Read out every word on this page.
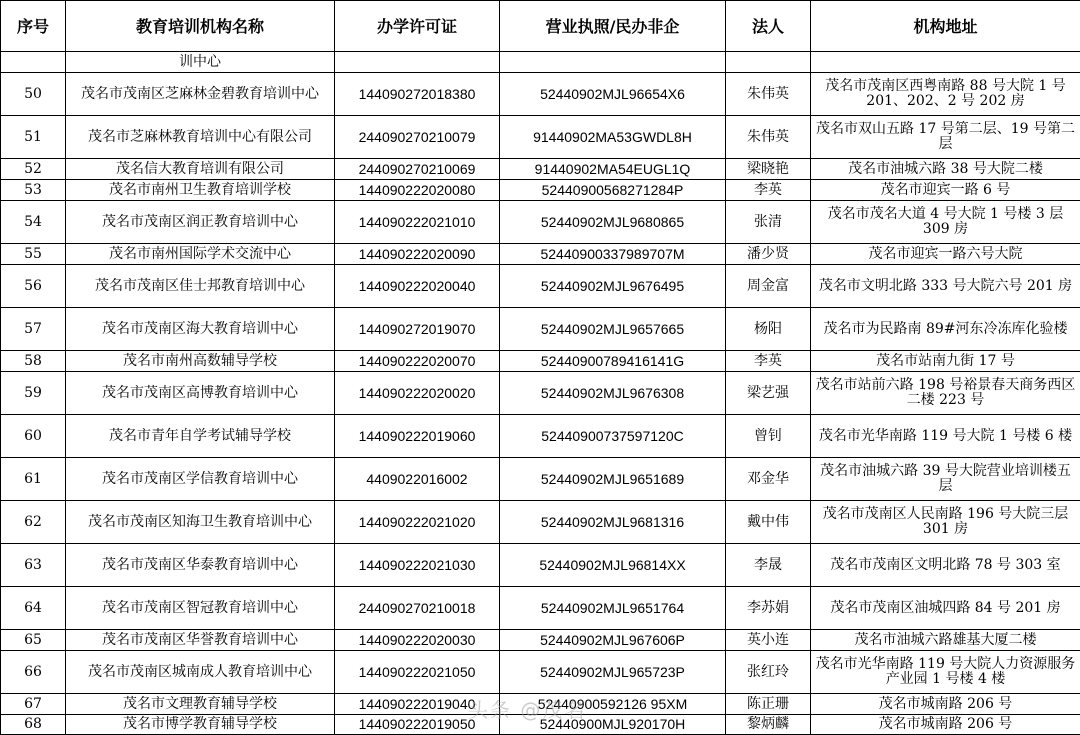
序号	教育培训机构名称	办学许可证	营业执照/民办非企	法人	机构地址
	训中心				
50	茂名市茂南区芝麻林金碧教育培训中心	144090272018380	52440902MJL96654X6	朱伟英	茂名市茂南区西粤南路 88 号大院 1 号 201、202、2 号 202 房
51	茂名市芝麻林教育培训中心有限公司	244090270210079	91440902MA53GWDL8H	朱伟英	茂名市双山五路 17 号第二层、19 号第二层
52	茂名信大教育培训有限公司	244090270210069	91440902MA54EUGL1Q	梁晓艳	茂名市油城六路 38 号大院二楼
53	茂名市南州卫生教育培训学校	144090222020080	52440900568271284P	李英	茂名市迎宾一路 6 号
54	茂名市茂南区润正教育培训中心	144090222021010	52440902MJL9680865	张清	茂名市茂名大道 4 号大院 1 号楼 3 层 309 房
55	茂名市南州国际学术交流中心	144090222020090	52440900337989707M	潘少贤	茂名市迎宾一路六号大院
56	茂名市茂南区佳士邦教育培训中心	144090222020040	52440902MJL9676495	周金富	茂名市文明北路 333 号大院六号 201 房
57	茂名市茂南区海大教育培训中心	144090272019070	52440902MJL9657665	杨阳	茂名市为民路南 89#河东冷冻库化验楼
58	茂名市南州高数辅导学校	144090222020070	52440900789416141G	李英	茂名市站南九街 17 号
59	茂名市茂南区高博教育培训中心	144090222020020	52440902MJL9676308	梁艺强	茂名市站前六路 198 号裕景春天商务西区二楼 223 号
60	茂名市青年自学考试辅导学校	144090222019060	52440900737597120C	曾钊	茂名市光华南路 119 号大院 1 号楼 6 楼
61	茂名市茂南区学信教育培训中心	4409022016002	52440902MJL9651689	邓金华	茂名市油城六路 39 号大院营业培训楼五层
62	茂名市茂南区知海卫生教育培训中心	144090222021020	52440902MJL9681316	戴中伟	茂名市茂南区人民南路 196 号大院三层 301 房
63	茂名市茂南区华泰教育培训中心	144090222021030	52440902MJL96814XX	李晟	茂名市茂南区文明北路 78 号 303 室
64	茂名市茂南区智冠教育培训中心	244090270210018	52440902MJL9651764	李苏娟	茂名市茂南区油城四路 84 号 201 房
65	茂名市茂南区华誉教育培训中心	144090222020030	52440902MJL967606P	英小连	茂名市油城六路雄基大厦二楼
66	茂名市茂南区城南成人教育培训中心	144090222021050	52440902MJL965723P	张红玲	茂名市光华南路 119 号大院人力资源服务产业园 1 号楼 4 楼
67	茂名市文理教育辅导学校	144090222019040	52440900592126 95XM	陈正珊	茂名市城南路 206 号
68	茂名市博学教育辅导学校	144090222019050	52440900MJL920170H	黎炳麟	茂名市城南路 206 号
头条 @茂名
